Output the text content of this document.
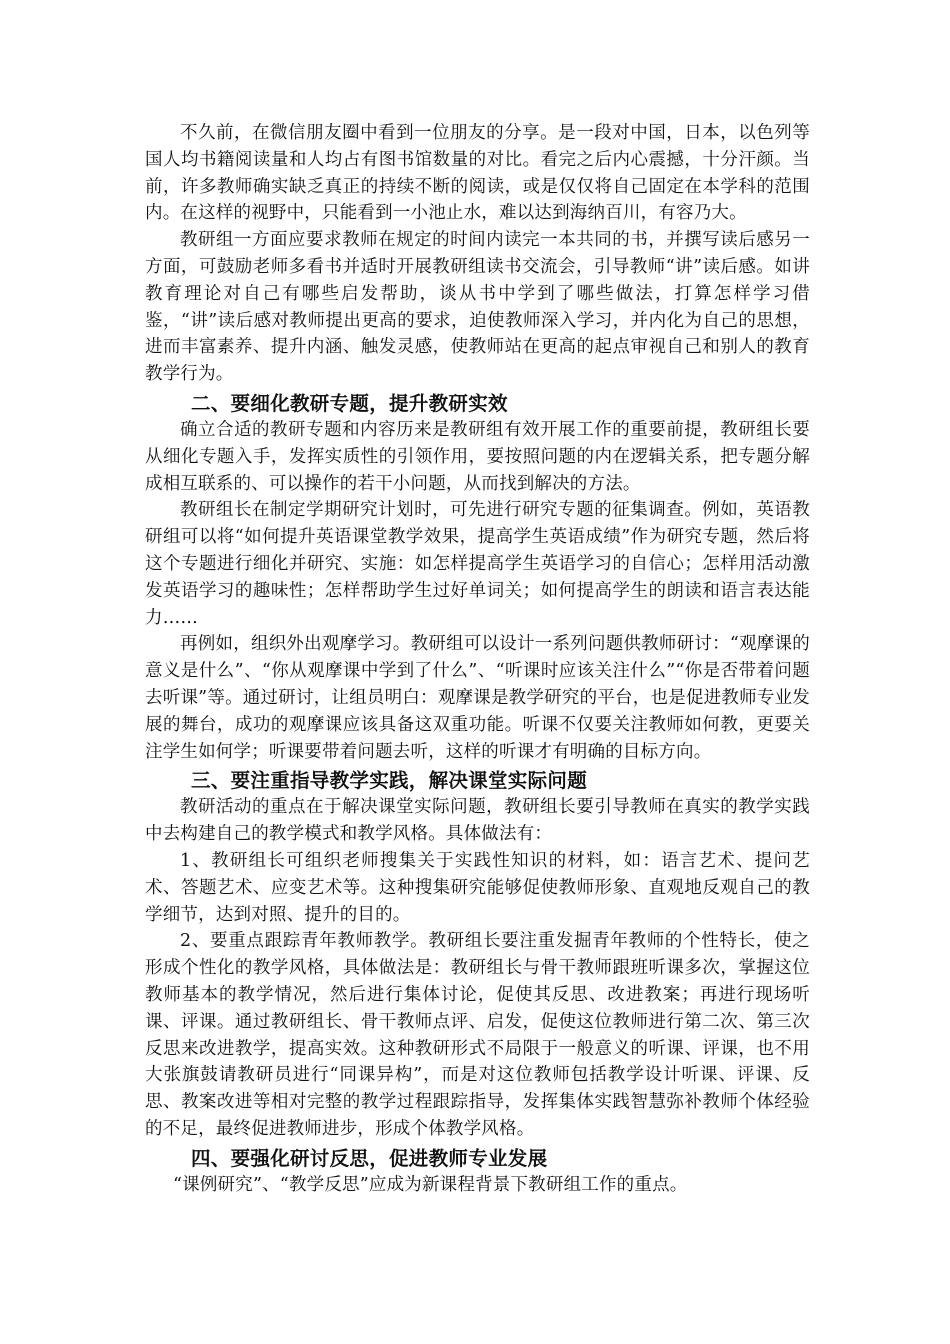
不久前，在微信朋友圈中看到一位朋友的分享。是一段对中国，日本，以色列等国人均书籍阅读量和人均占有图书馆数量的对比。看完之后内心震撼，十分汗颜。当前，许多教师确实缺乏真正的持续不断的阅读，或是仅仅将自己固定在本学科的范围内。在这样的视野中，只能看到一小池止水，难以达到海纳百川，有容乃大。

教研组一方面应要求教师在规定的时间内读完一本共同的书，并撰写读后感另一方面，可鼓励老师多看书并适时开展教研组读书交流会，引导教师“讲”读后感。如讲教育理论对自己有哪些启发帮助，谈从书中学到了哪些做法，打算怎样学习借鉴，“讲”读后感对教师提出更高的要求，迫使教师深入学习，并内化为自己的思想，进而丰富素养、提升内涵、触发灵感，使教师站在更高的起点审视自己和别人的教育教学行为。

二、要细化教研专题，提升教研实效

确立合适的教研专题和内容历来是教研组有效开展工作的重要前提，教研组长要从细化专题入手，发挥实质性的引领作用，要按照问题的内在逻辑关系，把专题分解成相互联系的、可以操作的若干小问题，从而找到解决的方法。

教研组长在制定学期研究计划时，可先进行研究专题的征集调查。例如，英语教研组可以将“如何提升英语课堂教学效果，提高学生英语成绩”作为研究专题，然后将这个专题进行细化并研究、实施：如怎样提高学生英语学习的自信心；怎样用活动激发英语学习的趣味性；怎样帮助学生过好单词关；如何提高学生的朗读和语言表达能力……

再例如，组织外出观摩学习。教研组可以设计一系列问题供教师研讨：“观摩课的意义是什么”、“你从观摩课中学到了什么”、“听课时应该关注什么”“你是否带着问题去听课”等。通过研讨，让组员明白：观摩课是教学研究的平台，也是促进教师专业发展的舞台，成功的观摩课应该具备这双重功能。听课不仅要关注教师如何教，更要关注学生如何学；听课要带着问题去听，这样的听课才有明确的目标方向。

三、要注重指导教学实践，解决课堂实际问题

教研活动的重点在于解决课堂实际问题，教研组长要引导教师在真实的教学实践中去构建自己的教学模式和教学风格。具体做法有：

1、教研组长可组织老师搜集关于实践性知识的材料，如：语言艺术、提问艺术、答题艺术、应变艺术等。这种搜集研究能够促使教师形象、直观地反观自己的教学细节，达到对照、提升的目的。

2、要重点跟踪青年教师教学。教研组长要注重发掘青年教师的个性特长，使之形成个性化的教学风格，具体做法是：教研组长与骨干教师跟班听课多次，掌握这位教师基本的教学情况，然后进行集体讨论，促使其反思、改进教案；再进行现场听课、评课。通过教研组长、骨干教师点评、启发，促使这位教师进行第二次、第三次反思来改进教学，提高实效。这种教研形式不局限于一般意义的听课、评课，也不用大张旗鼓请教研员进行“同课异构”，而是对这位教师包括教学设计听课、评课、反思、教案改进等相对完整的教学过程跟踪指导，发挥集体实践智慧弥补教师个体经验的不足，最终促进教师进步，形成个体教学风格。

四、要强化研讨反思，促进教师专业发展

“课例研究”、“教学反思”应成为新课程背景下教研组工作的重点。
